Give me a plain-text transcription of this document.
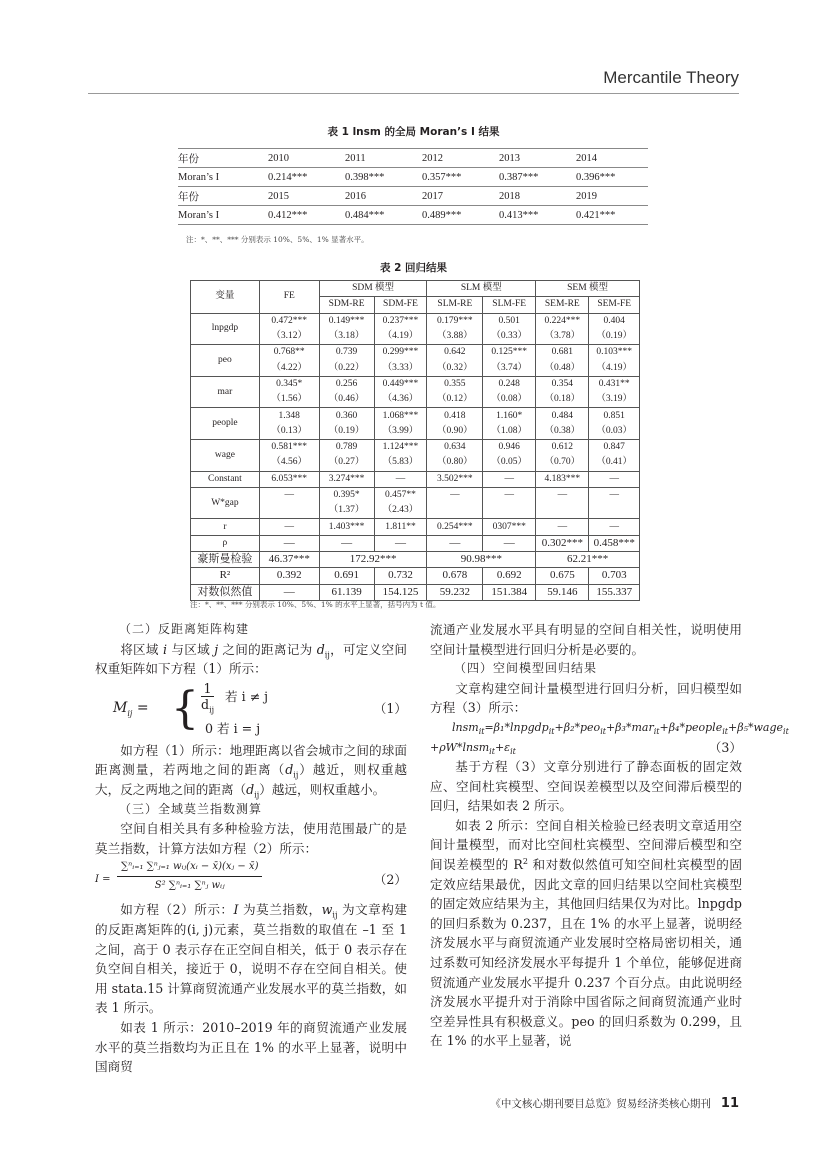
Mercantile Theory
表 1 lnsm 的全局 Moran’s I 结果
年份	2010	2011	2012	2013	2014
Moran’s I	0.214***	0.398***	0.357***	0.387***	0.396***
年份	2015	2016	2017	2018	2019
Moran’s I	0.412***	0.484***	0.489***	0.413***	0.421***
注：*、**、*** 分别表示 10%、5%、1% 显著水平。
表 2 回归结果
变量	FE	SDM 模型		SLM 模型		SEM 模型	
		SDM-RE	SDM-FE	SLM-RE	SLM-FE	SEM-RE	SEM-FE
lnpgdp	0.472***	0.149***	0.237***	0.179***	0.501	0.224***	0.404
	（3.12）	（3.18）	（4.19）	（3.88）	（0.33）	（3.78）	（0.19）
peo	0.768**	0.739	0.299***	0.642	0.125***	0.681	0.103***
	（4.22）	（0.22）	（3.33）	（0.32）	（3.74）	（0.48）	（4.19）
mar	0.345*	0.256	0.449***	0.355	0.248	0.354	0.431**
	（1.56）	（0.46）	（4.36）	（0.12）	（0.08）	（0.18）	（3.19）
people	1.348	0.360	1.068***	0.418	1.160*	0.484	0.851
	（0.13）	（0.19）	（3.99）	（0.90）	（1.08）	（0.38）	（0.03）
wage	0.581***	0.789	1.124***	0.634	0.946	0.612	0.847
	（4.56）	（0.27）	（5.83）	（0.80）	（0.05）	（0.70）	（0.41）
Constant	6.053***	3.274***	—	3.502***	—	4.183***	—
W*gap	—	0.395*	0.457**	—	—	—	—
		（1.37）	（2.43）				
r	—	1.403***	1.811**	0.254***	0307***	—	—
ρ	—	—	—	—	—	0.302***	0.458***
豪斯曼检验	46.37***	172.92***		90.98***		62.21***	
R²	0.392	0.691	0.732	0.678	0.692	0.675	0.703
对数似然值	—	61.139	154.125	59.232	151.384	59.146	155.337
注：*、**、*** 分别表示 10%、5%、1% 的水平上显著，括号内为 t 值。

（二）反距离矩阵构建

将区域 i 与区域 j 之间的距离记为 $d_{ij}$，可定义空间权重矩阵如下方程（1）所示：

$M_{ij}$ = { 1
$d_{ij}$
若 i ≠ j
0 若 i = j
（1）

如方程（1）所示：地理距离以省会城市之间的球面距离测量，若两地之间的距离$(d_{ij})$越近，则权重越大，反之两地之间的距离$(d_{ij})$越远，则权重越小。

（三）全域莫兰指数测算

空间自相关具有多种检验方法，使用范围最广的是莫兰指数，计算方法如方程（2）所示：

I =
∑ⁿᵢ₌₁ ∑ⁿⱼ₌₁ wᵢⱼ(xᵢ − x̄)(xⱼ − x̄)
S² ∑ⁿᵢ₌₁ ∑ⁿⱼ wᵢⱼ	（2）

如方程（2）所示：I 为莫兰指数，$w_{ij}$ 为文章构建的反距离矩阵的(i, j)元素，莫兰指数的取值在 –1 至 1 之间，高于 0 表示存在正空间自相关，低于 0 表示存在负空间自相关，接近于 0，说明不存在空间自相关。使用 stata.15 计算商贸流通产业发展水平的莫兰指数，如表 1 所示。

如表 1 所示：2010–2019 年的商贸流通产业发展水平的莫兰指数均为正且在 1% 的水平上显著，说明中国商贸

流通产业发展水平具有明显的空间自相关性，说明使用空间计量模型进行回归分析是必要的。

（四）空间模型回归结果

文章构建空间计量模型进行回归分析，回归模型如方程（3）所示：

lnsm$_{it}$=β₁*lnpgdp$_{it}$+β₂*peo$_{it}$+β₃*mar$_{it}$+β₄*people$_{it}$+β₅*wage$_{it}$
$+\rho W*lnsm_{it}+\varepsilon_{it}$	（3）

基于方程（3）文章分别进行了静态面板的固定效应、空间杜宾模型、空间误差模型以及空间滞后模型的回归，结果如表 2 所示。

如表 2 所示：空间自相关检验已经表明文章适用空间计量模型，而对比空间杜宾模型、空间滞后模型和空间误差模型的 $R^2$ 和对数似然值可知空间杜宾模型的固定效应结果最优，因此文章的回归结果以空间杜宾模型的固定效应结果为主，其他回归结果仅为对比。lnpgdp 的回归系数为 0.237，且在 1% 的水平上显著，说明经济发展水平与商贸流通产业发展时空格局密切相关，通过系数可知经济发展水平每提升 1 个单位，能够促进商贸流通产业发展水平提升 0.237 个百分点。由此说明经济发展水平提升对于消除中国省际之间商贸流通产业时空差异性具有积极意义。peo 的回归系数为 0.299，且在 1% 的水平上显著，说

《中文核心期刊要目总览》贸易经济类核心期刊 11
